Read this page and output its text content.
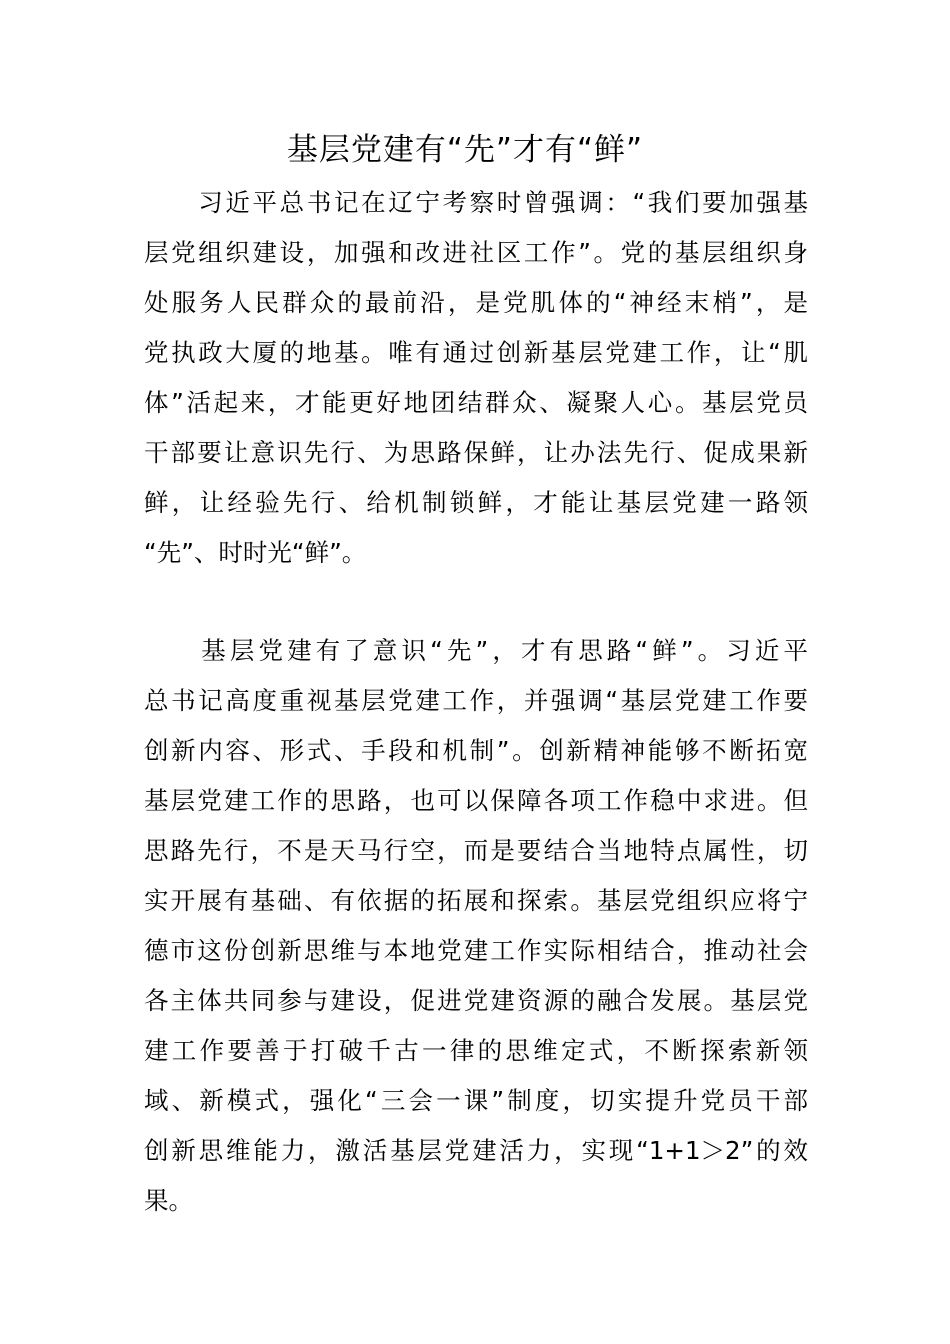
基层党建有“先”才有“鲜”
　　习近平总书记在辽宁考察时曾强调：“我们要加强基
层党组织建设，加强和改进社区工作”。党的基层组织身
处服务人民群众的最前沿，是党肌体的“神经末梢”，是
党执政大厦的地基。唯有通过创新基层党建工作，让“肌
体”活起来，才能更好地团结群众、凝聚人心。基层党员
干部要让意识先行、为思路保鲜，让办法先行、促成果新
鲜，让经验先行、给机制锁鲜，才能让基层党建一路领
“先”、时时光“鲜”。
　　基层党建有了意识“先”，才有思路“鲜”。习近平
总书记高度重视基层党建工作，并强调“基层党建工作要
创新内容、形式、手段和机制”。创新精神能够不断拓宽
基层党建工作的思路，也可以保障各项工作稳中求进。但
思路先行，不是天马行空，而是要结合当地特点属性，切
实开展有基础、有依据的拓展和探索。基层党组织应将宁
德市这份创新思维与本地党建工作实际相结合，推动社会
各主体共同参与建设，促进党建资源的融合发展。基层党
建工作要善于打破千古一律的思维定式，不断探索新领
域、新模式，强化“三会一课”制度，切实提升党员干部
创新思维能力，激活基层党建活力，实现“1+1＞2”的效
果。
